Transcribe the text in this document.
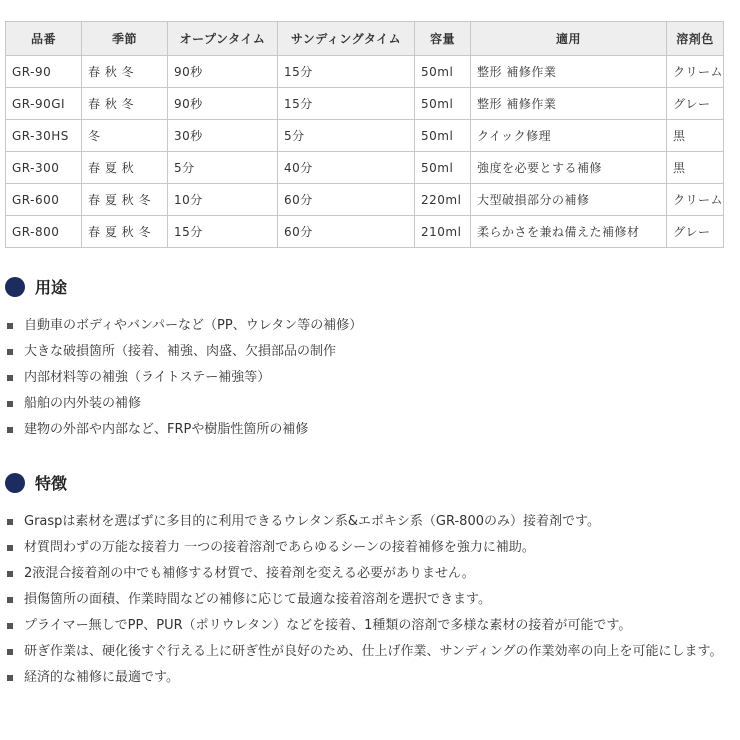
品番	季節	オープンタイム	サンディングタイム	容量	適用	溶剤色
GR-90	春 秋 冬	90秒	15分	50ml	整形 補修作業	クリーム
GR-90GI	春 秋 冬	90秒	15分	50ml	整形 補修作業	グレー
GR-30HS	冬	30秒	5分	50ml	クイック修理	黒
GR-300	春 夏 秋	5分	40分	50ml	強度を必要とする補修	黒
GR-600	春 夏 秋 冬	10分	60分	220ml	大型破損部分の補修	クリーム
GR-800	春 夏 秋 冬	15分	60分	210ml	柔らかさを兼ね備えた補修材	グレー
用途
自動車のボディやバンパーなど（PP、ウレタン等の補修）
大きな破損箇所（接着、補強、肉盛、欠損部品の制作
内部材料等の補強（ライトステー補強等）
船舶の内外装の補修
建物の外部や内部など、FRPや樹脂性箇所の補修
特徴
Graspは素材を選ばずに多目的に利用できるウレタン系&エポキシ系（GR-800のみ）接着剤です。
材質問わずの万能な接着力 一つの接着溶剤であらゆるシーンの接着補修を強力に補助。
2液混合接着剤の中でも補修する材質で、接着剤を変える必要がありません。
損傷箇所の面積、作業時間などの補修に応じて最適な接着溶剤を選択できます。
プライマー無しでPP、PUR（ポリウレタン）などを接着、1種類の溶剤で多様な素材の接着が可能です。
研ぎ作業は、硬化後すぐ行える上に研ぎ性が良好のため、仕上げ作業、サンディングの作業効率の向上を可能にします。
経済的な補修に最適です。
